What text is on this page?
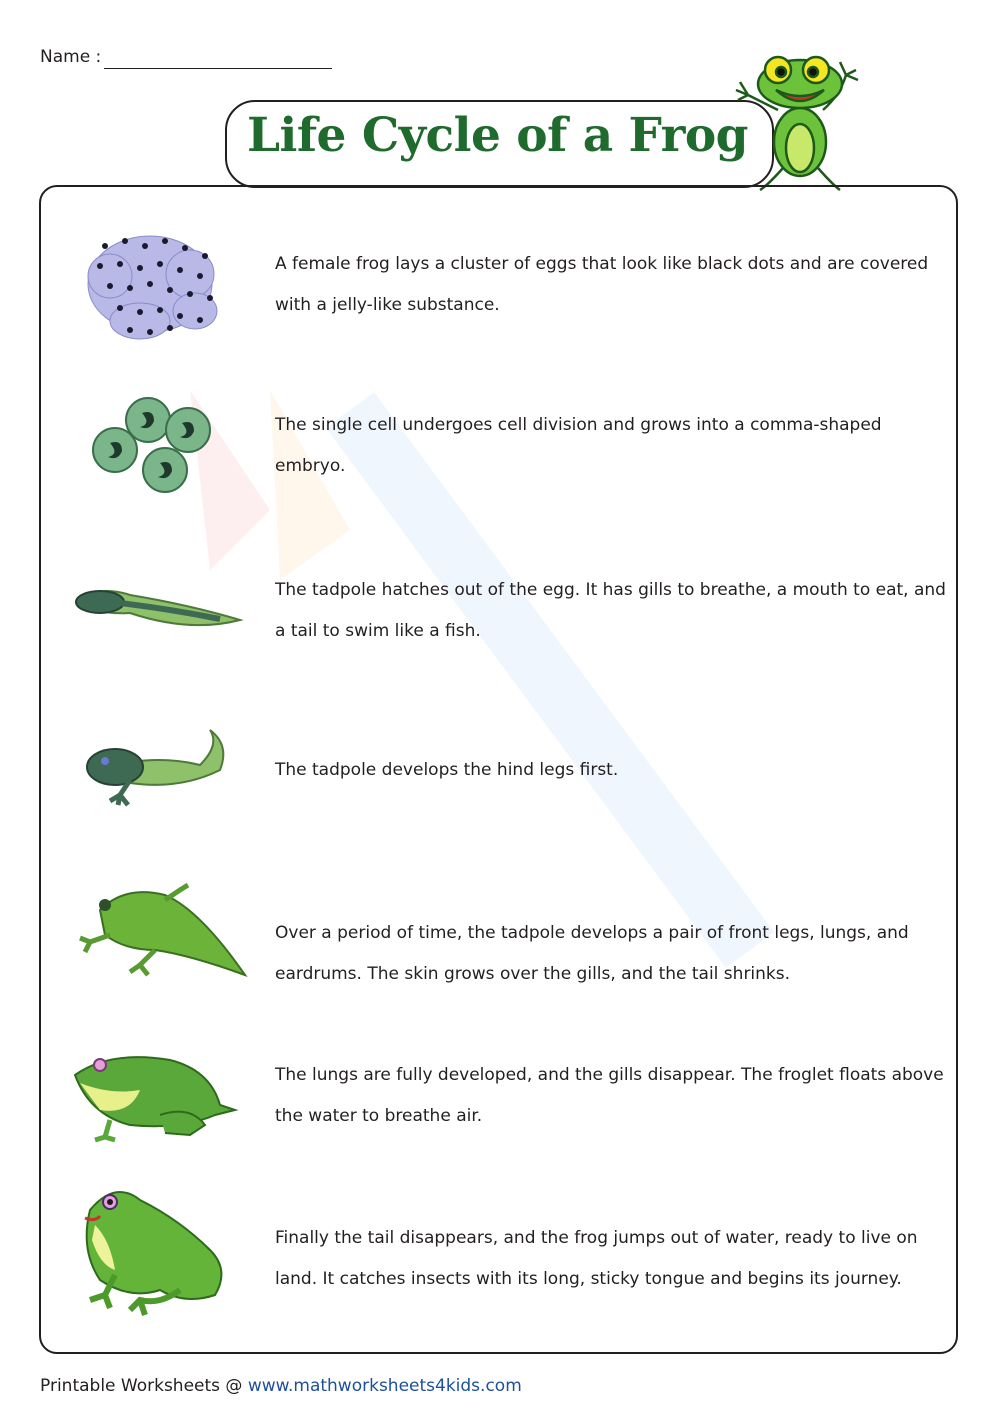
Name :
Life Cycle of a Frog
A female frog lays a cluster of eggs that look like black dots and are covered with a jelly-like substance.
The single cell undergoes cell division and grows into a comma-shaped embryo.
The tadpole hatches out of the egg. It has gills to breathe, a mouth to eat, and a tail to swim like a fish.
The tadpole develops the hind legs first.
Over a period of time, the tadpole develops a pair of front legs, lungs, and eardrums. The skin grows over the gills, and the tail shrinks.
The lungs are fully developed, and the gills disappear. The froglet floats above the water to breathe air.
Finally the tail disappears, and the frog jumps out of water, ready to live on land. It catches insects with its long, sticky tongue and begins its journey.
Printable Worksheets @ www.mathworksheets4kids.com
